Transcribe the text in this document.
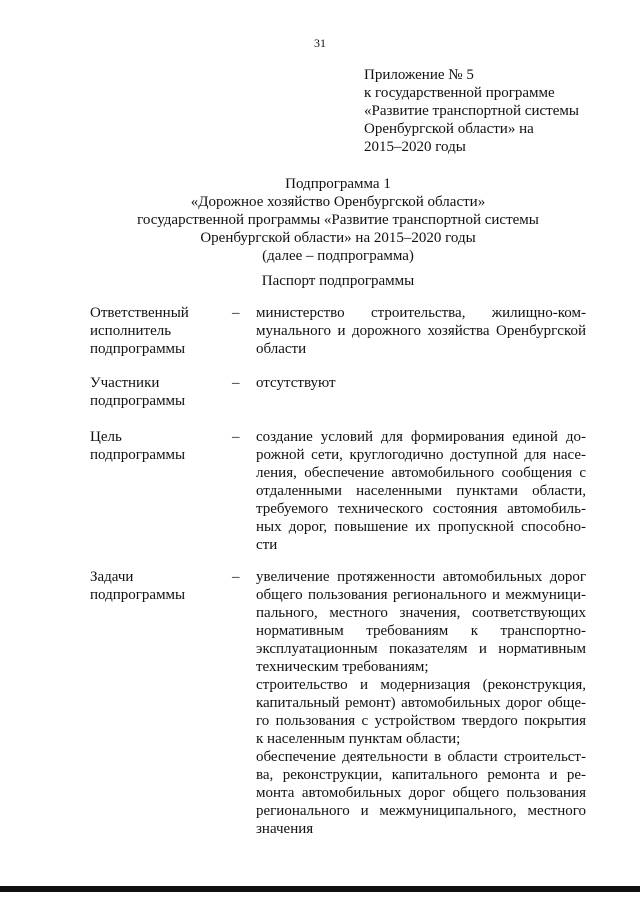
31
Приложение № 5
к государственной программе
«Развитие транспортной системы
Оренбургской области» на
2015–2020 годы
Подпрограмма 1
«Дорожное хозяйство Оренбургской области»
государственной программы «Развитие транспортной системы
Оренбургской области» на 2015–2020 годы
(далее – подпрограмма)
Паспорт подпрограммы
Ответственный
исполнитель
подпрограммы
– министерство строительства, жилищно-ком-
мунального и дорожного хозяйства Оренбургской
области
Участники
подпрограммы
– отсутствуют
Цель
подпрограммы
– создание условий для формирования единой до-
рожной сети, круглогодично доступной для насе-
ления, обеспечение автомобильного сообщения с
отдаленными населенными пунктами области,
требуемого технического состояния автомобиль-
ных дорог, повышение их пропускной способно-
сти
Задачи
подпрограммы
– увеличение протяженности автомобильных дорог
общего пользования регионального и межмуници-
пального, местного значения, соответствующих
нормативным требованиям к транспортно-
эксплуатационным показателям и нормативным
техническим требованиям;
строительство и модернизация (реконструкция,
капитальный ремонт) автомобильных дорог обще-
го пользования с устройством твердого покрытия
к населенным пунктам области;
обеспечение деятельности в области строительст-
ва, реконструкции, капитального ремонта и ре-
монта автомобильных дорог общего пользования
регионального и межмуниципального, местного
значения
